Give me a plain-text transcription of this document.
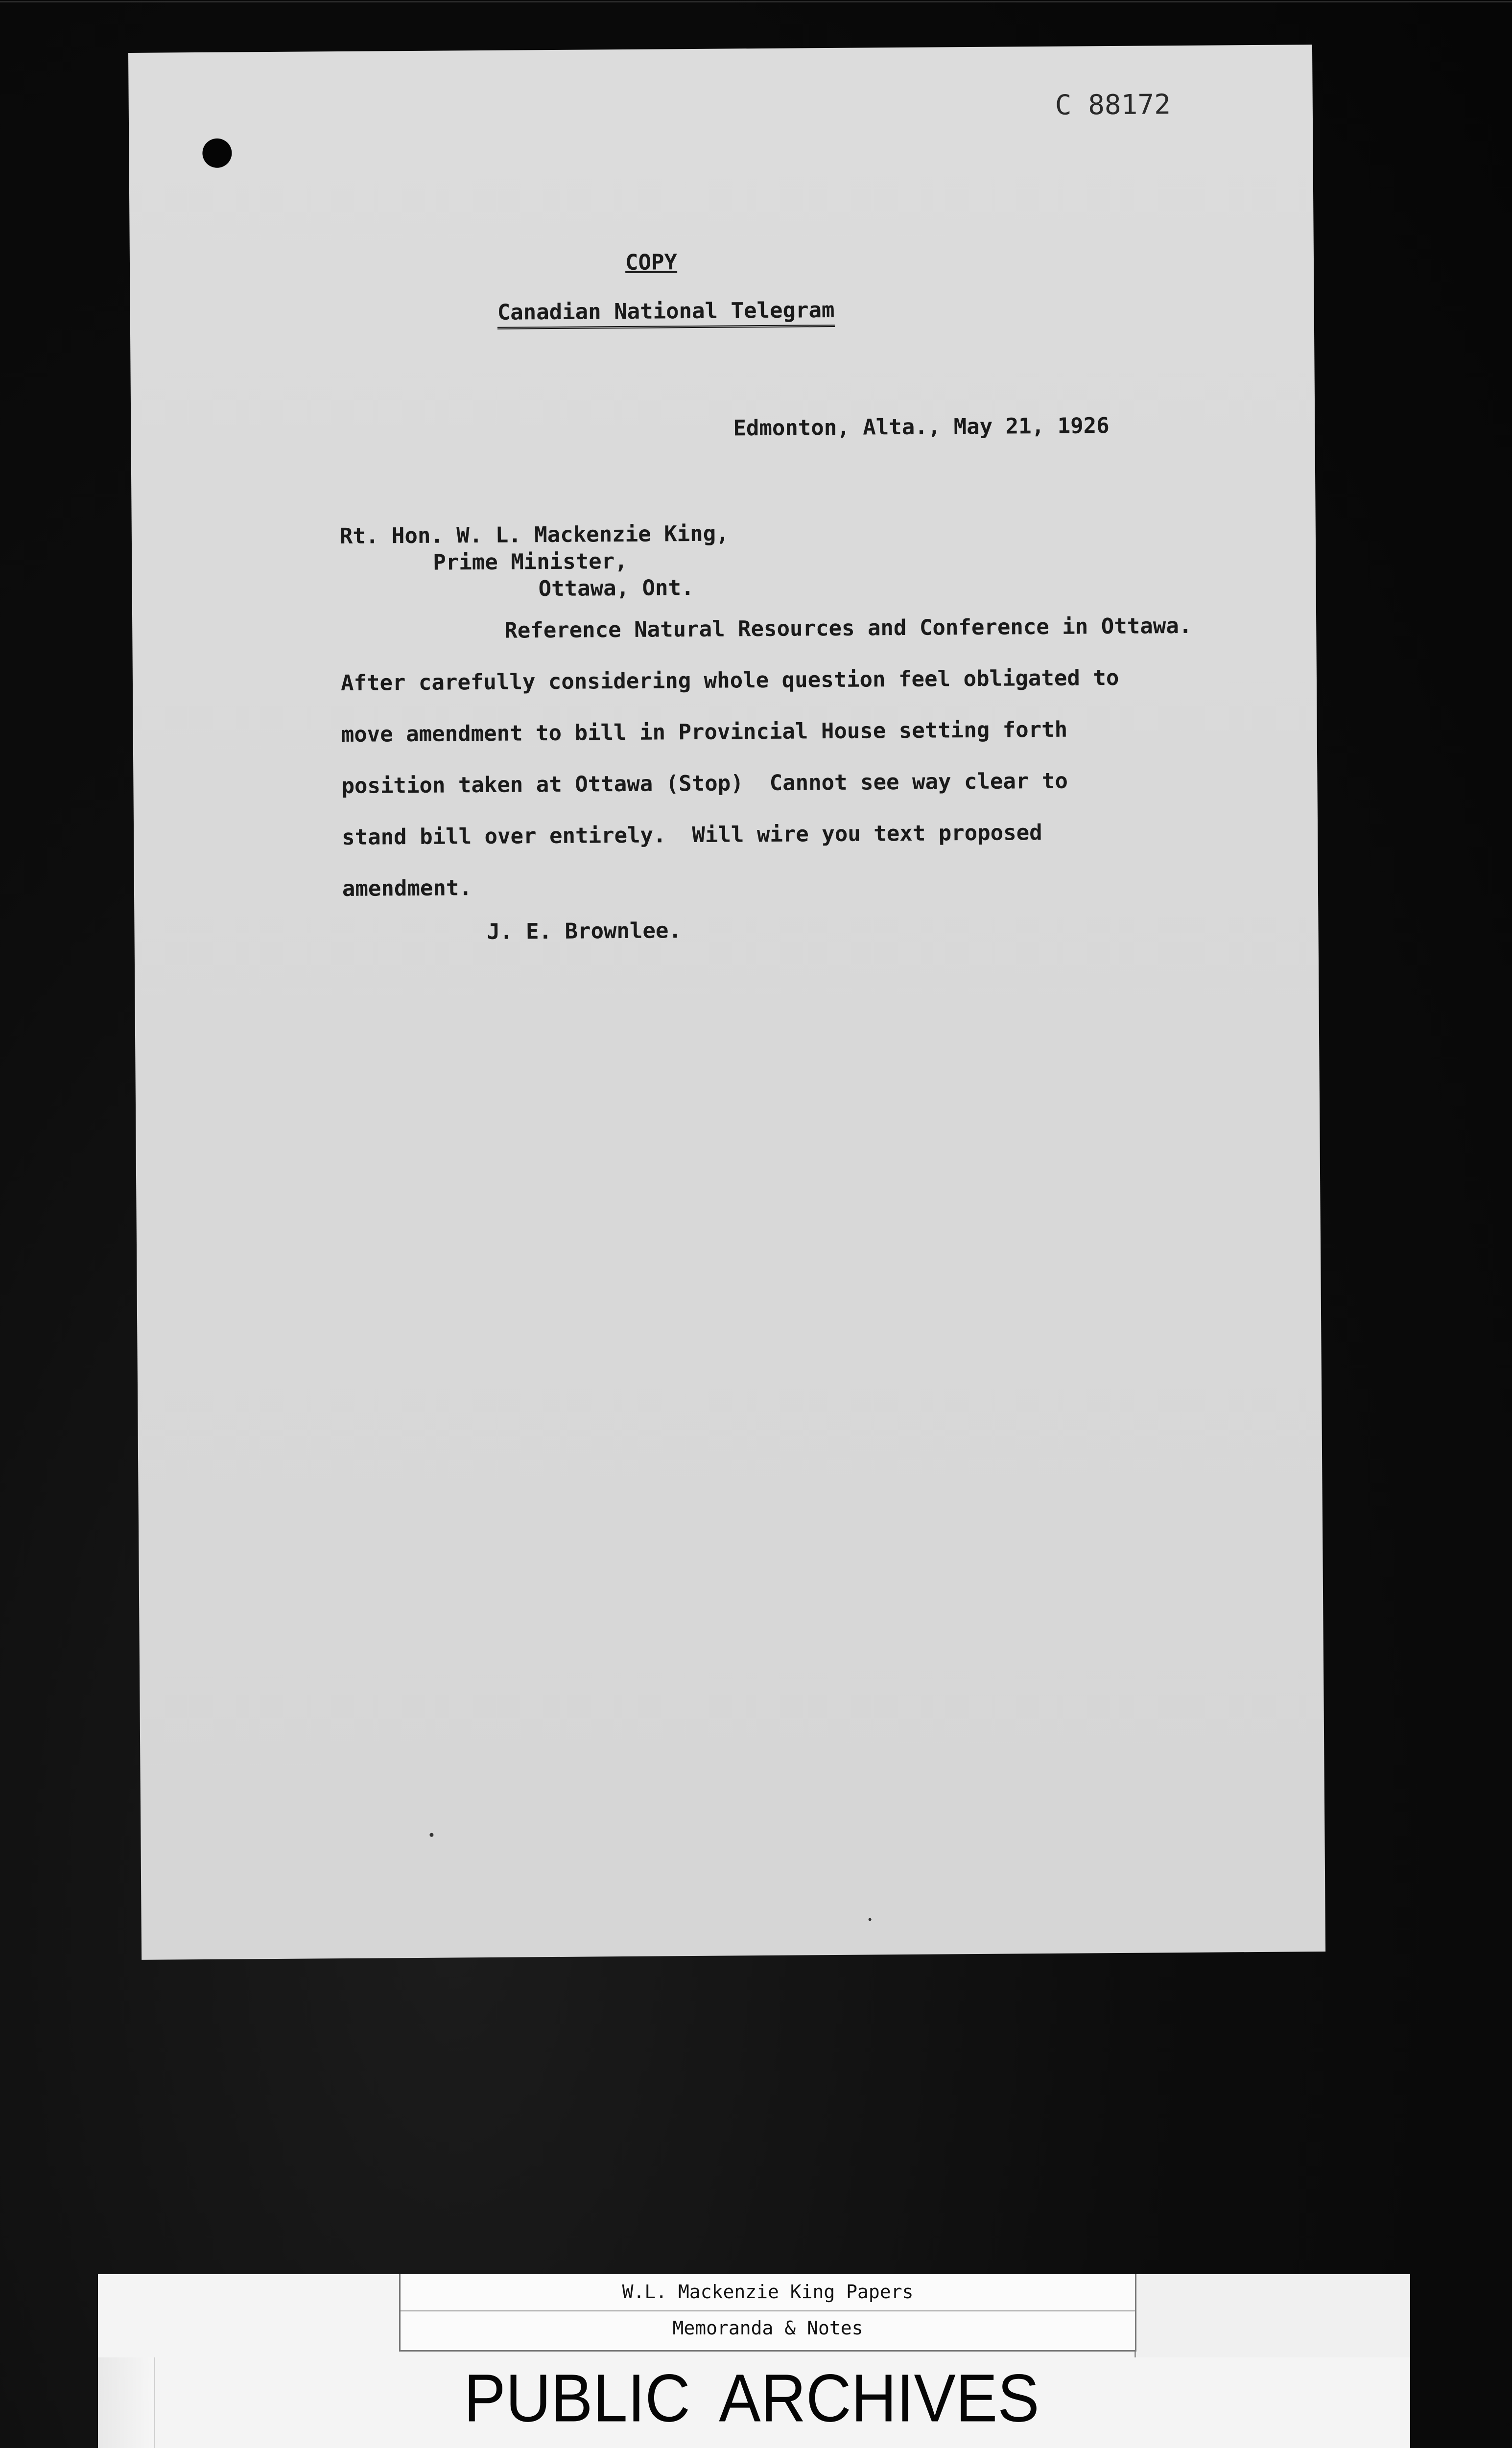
C 88172
COPY
Canadian National Telegram
Edmonton, Alta., May 21, 1926
Rt. Hon. W. L. Mackenzie King,
Prime Minister,
Ottawa, Ont.
Reference Natural Resources and Conference in Ottawa.
After carefully considering whole question feel obligated to
move amendment to bill in Provincial House setting forth
position taken at Ottawa (Stop)  Cannot see way clear to
stand bill over entirely.  Will wire you text proposed
amendment.
J. E. Brownlee.
W.L. Mackenzie King Papers
Memoranda & Notes
PUBLIC ARCHIVES
